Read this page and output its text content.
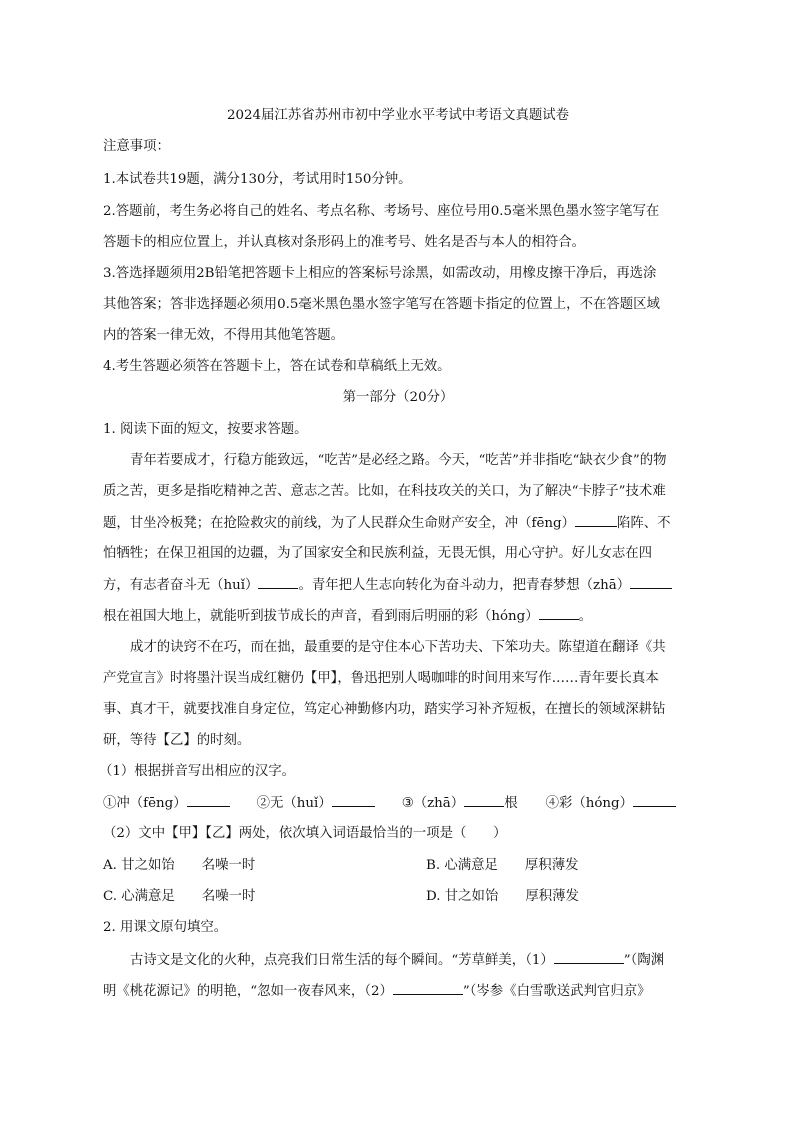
2024届江苏省苏州市初中学业水平考试中考语文真题试卷
注意事项：
1.本试卷共19题，满分130分，考试用时150分钟。
2.答题前，考生务必将自己的姓名、考点名称、考场号、座位号用0.5毫米黑色墨水签字笔写在
答题卡的相应位置上，并认真核对条形码上的准考号、姓名是否与本人的相符合。
3.答选择题须用2B铅笔把答题卡上相应的答案标号涂黑，如需改动，用橡皮擦干净后，再选涂
其他答案；答非选择题必须用0.5毫米黑色墨水签字笔写在答题卡指定的位置上，不在答题区域
内的答案一律无效，不得用其他笔答题。
4.考生答题必须答在答题卡上，答在试卷和草稿纸上无效。
第一部分（20分）
1. 阅读下面的短文，按要求答题。
青年若要成才，行稳方能致远，“吃苦”是必经之路。今天，“吃苦”并非指吃“缺衣少食”的物
质之苦，更多是指吃精神之苦、意志之苦。比如，在科技攻关的关口，为了解决“卡脖子”技术难
题，甘坐冷板凳；在抢险救灾的前线，为了人民群众生命财产安全，冲（fēng）	陷阵、不
怕牺牲；在保卫祖国的边疆，为了国家安全和民族利益，无畏无惧，用心守护。好儿女志在四
方，有志者奋斗无（huǐ）	。青年把人生志向转化为奋斗动力，把青春梦想（zhā）
根在祖国大地上，就能听到拔节成长的声音，看到雨后明丽的彩（hóng）	。
成才的诀窍不在巧，而在拙，最重要的是守住本心下苦功夫、下笨功夫。陈望道在翻译《共
产党宣言》时将墨汁误当成红糖仍【甲】，鲁迅把别人喝咖啡的时间用来写作……青年要长真本
事、真才干，就要找准自身定位，笃定心神勤修内功，踏实学习补齐短板，在擅长的领域深耕钻
研，等待【乙】的时刻。
（1）根据拼音写出相应的汉字。
①冲（fēng）	②无（huǐ）	③（zhā）	根 ④彩（hóng）
（2）文中【甲】【乙】两处，依次填入词语最恰当的一项是（　　）
A. 甘之如饴 名噪一时	B. 心满意足 厚积薄发
C. 心满意足 名噪一时	D. 甘之如饴 厚积薄发
2. 用课文原句填空。
古诗文是文化的火种，点亮我们日常生活的每个瞬间。“芳草鲜美，（1）	”（陶渊
明《桃花源记》的明艳，“忽如一夜春风来，（2）	”（岑参《白雪歌送武判官归京》
